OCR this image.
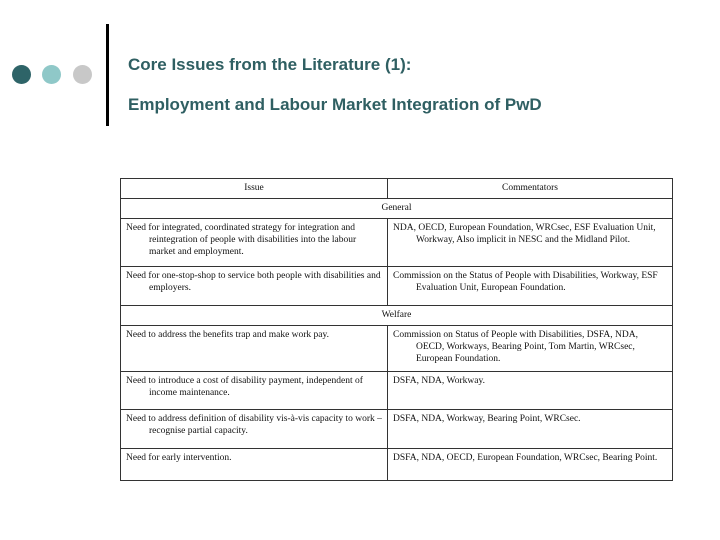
Core Issues from the Literature (1):
Employment and Labour Market Integration of PwD
Issue	Commentators
General	
Need for integrated, coordinated strategy for integration and reintegration of people with disabilities into the labour market and employment.	NDA, OECD, European Foundation, WRCsec, ESF Evaluation Unit, Workway, Also implicit in NESC and the Midland Pilot.
Need for one-stop-shop to service both people with disabilities and employers.	Commission on the Status of People with Disabilities, Workway, ESF Evaluation Unit, European Foundation.
Welfare	
Need to address the benefits trap and make work pay.	Commission on Status of People with Disabilities, DSFA, NDA, OECD, Workways, Bearing Point, Tom Martin, WRCsec, European Foundation.
Need to introduce a cost of disability payment, independent of income maintenance.	DSFA, NDA, Workway.
Need to address definition of disability vis-à-vis capacity to work – recognise partial capacity.	DSFA, NDA, Workway, Bearing Point, WRCsec.
Need for early intervention.	DSFA, NDA, OECD, European Foundation, WRCsec, Bearing Point.
